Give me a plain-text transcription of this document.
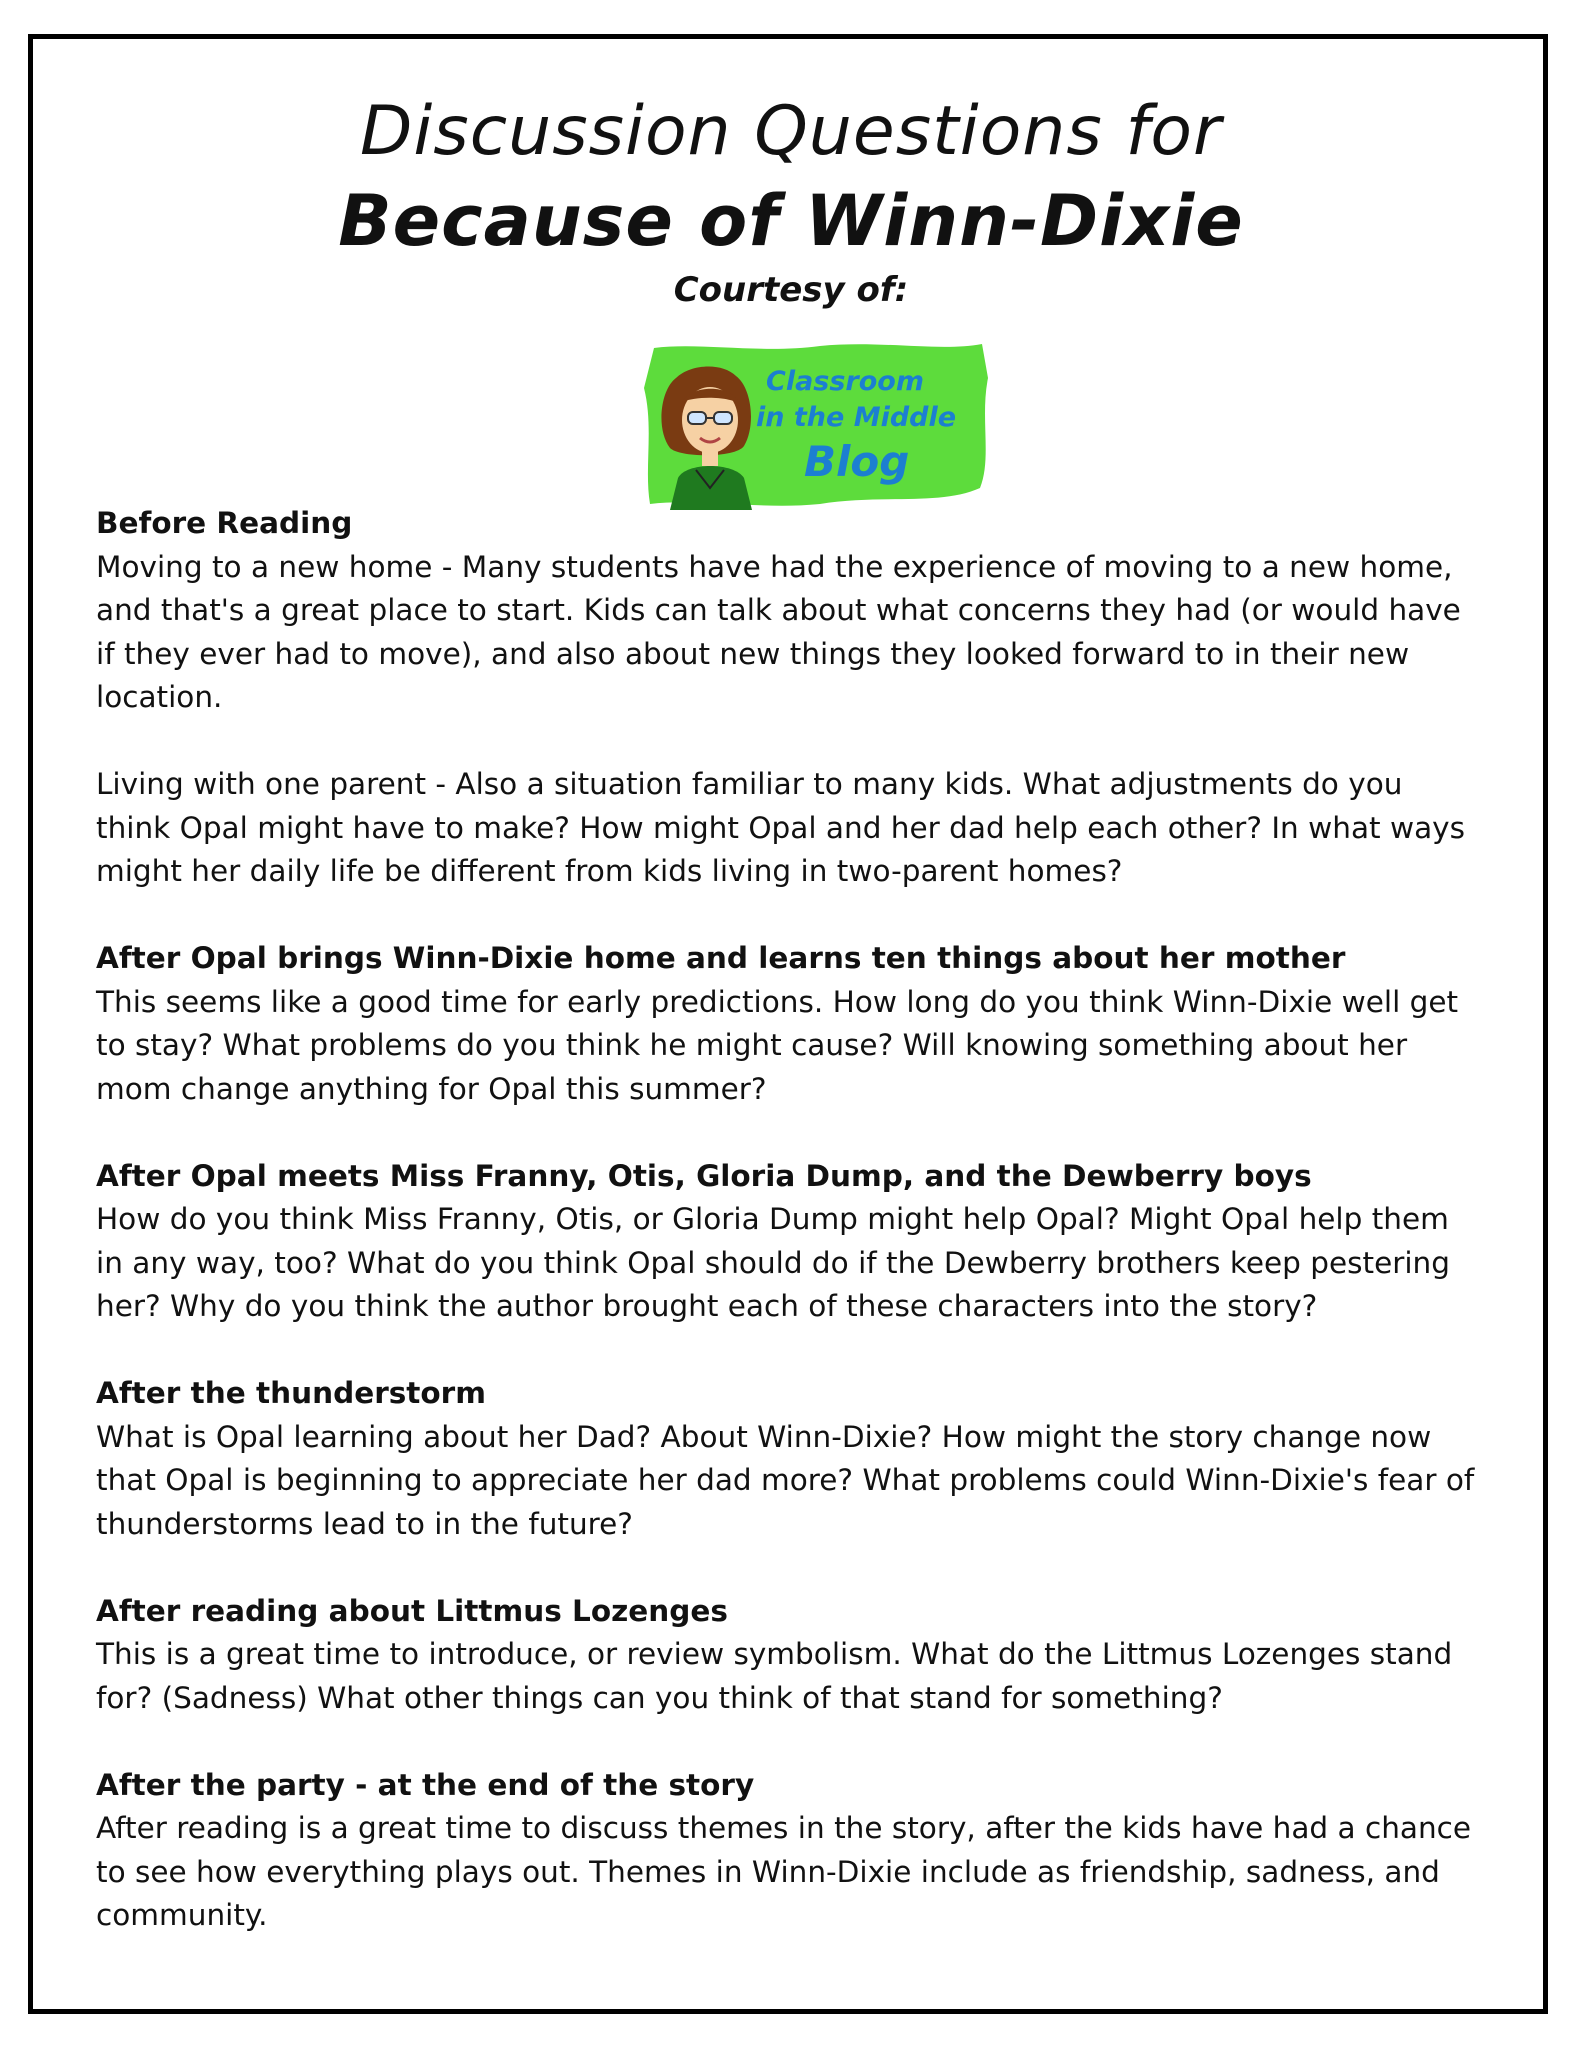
Discussion Questions for
Because of Winn-Dixie
Courtesy of:
Classroom
in the Middle
Blog

Before Reading

Moving to a new home - Many students have had the experience of moving to a new home, and that's a great place to start. Kids can talk about what concerns they had (or would have if they ever had to move), and also about new things they looked forward to in their new location.

Living with one parent - Also a situation familiar to many kids. What adjustments do you think Opal might have to make? How might Opal and her dad help each other? In what ways might her daily life be different from kids living in two-parent homes?

After Opal brings Winn-Dixie home and learns ten things about her mother

This seems like a good time for early predictions. How long do you think Winn-Dixie well get to stay? What problems do you think he might cause? Will knowing something about her mom change anything for Opal this summer?

After Opal meets Miss Franny, Otis, Gloria Dump, and the Dewberry boys

How do you think Miss Franny, Otis, or Gloria Dump might help Opal? Might Opal help them in any way, too? What do you think Opal should do if the Dewberry brothers keep pestering her? Why do you think the author brought each of these characters into the story?

After the thunderstorm

What is Opal learning about her Dad? About Winn-Dixie? How might the story change now that Opal is beginning to appreciate her dad more? What problems could Winn-Dixie's fear of thunderstorms lead to in the future?

After reading about Littmus Lozenges

This is a great time to introduce, or review symbolism. What do the Littmus Lozenges stand for? (Sadness) What other things can you think of that stand for something?

After the party - at the end of the story

After reading is a great time to discuss themes in the story, after the kids have had a chance to see how everything plays out. Themes in Winn-Dixie include as friendship, sadness, and community.
